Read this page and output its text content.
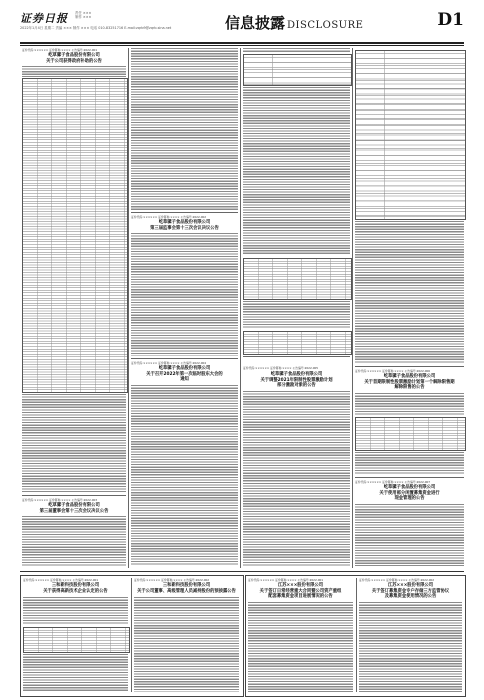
证券日报 责任 ×××
制作 ×××
2022年1月4日 星期二 责编 ××× 制作 ××× 电话 010-83251716 E-mail:zqrb9@zqrb.sina.net	信息披露 DISCLOSURE	D1
证券代码:×××××× 证券简称:×××× 公告编号:2022-001
屹草骡子食品股份有限公司
关于公司获得政府补助的公告
证券代码:×××××× 证券简称:×××× 公告编号:2022-003
屹草骡子食品股份有限公司
第三届董事会第十三次会议决议公告
证券代码:×××××× 证券简称:×××× 公告编号:2022-002
屹草骡子食品股份有限公司
第三届监事会第十三次会议决议公告
证券代码:×××××× 证券简称:×××× 公告编号:2022-004
屹草骡子食品股份有限公司
关于召开2022年第一次临时股东大会的
通知
证券代码:×××××× 证券简称:×××× 公告编号:2022-005
屹草骡子食品股份有限公司
关于调整2021年限制性股票激励计划
部分激励对象的公告
证券代码:×××××× 证券简称:×××× 公告编号:2022-006
屹草骡子食品股份有限公司
关于首期限制性股票激励计划第一个解除限售期
解除限售的公告
证券代码:×××××× 证券简称:×××× 公告编号:2022-007
屹草骡子食品股份有限公司
关于使用部分闲置募集资金进行
现金管理的公告
证券代码:×××××× 证券简称:×××× 公告编号:2022-001
三和新科技股份有限公司
关于获得高新技术企业认定的公告
证券代码:×××××× 证券简称:×××× 公告编号:2022-002
三和新科技股份有限公司
关于公司董事、高级管理人员减持股份的预披露公告
证券代码:×××××× 证券简称:×××× 公告编号:2022-001
江苏×××股份有限公司
关于签订日常经营重大合同暨公司资产重组
配套募集资金项目进展情况的公告
证券代码:×××××× 证券简称:×××× 公告编号:2022-002
江苏×××股份有限公司
关于签订募集资金专户存储三方监管协议
及募集资金使用情况的公告
